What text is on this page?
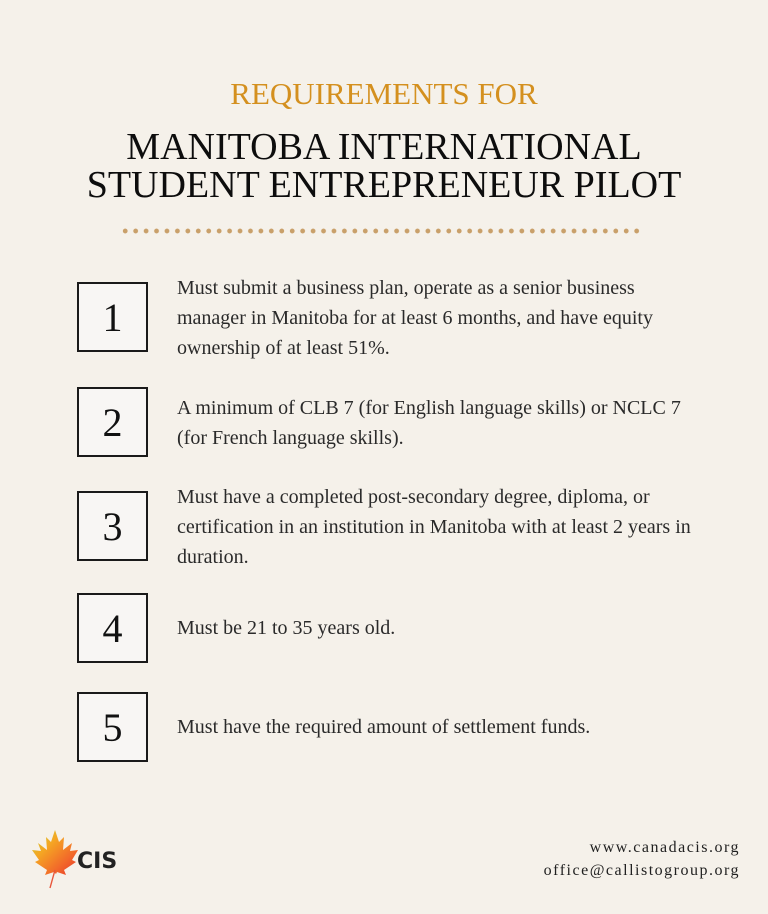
REQUIREMENTS FOR
MANITOBA INTERNATIONAL
STUDENT ENTREPRENEUR PILOT
1
Must submit a business plan, operate as a senior business manager in Manitoba for at least 6 months, and have equity ownership of at least 51%.
2	A minimum of CLB 7 (for English language skills) or NCLC 7 (for French language skills).
3
Must have a completed post-secondary degree, diploma, or certification in an institution in Manitoba with at least 2 years in duration.
4	Must be 21 to 35 years old.
5	Must have the required amount of settlement funds.
CIS
www.canadacis.org
office@callistogroup.org
